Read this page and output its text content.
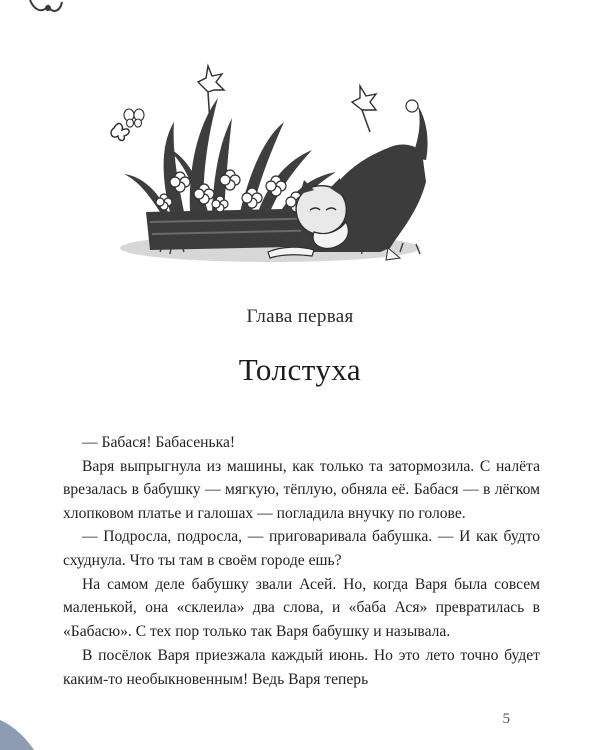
Глава первая
Толстуха

— Бабася! Бабасенька!

Варя выпрыгнула из машины, как только та затормозила. С налёта врезалась в бабушку — мягкую, тёплую, обняла её. Бабася — в лёгком хлопковом платье и галошах — погладила внучку по голове.

— Подросла, подросла, — приговаривала бабушка. — И как будто схуднула. Что ты там в своём городе ешь?

На самом деле бабушку звали Асей. Но, когда Варя была совсем маленькой, она «склеила» два слова, и «баба Ася» превратилась в «Бабасю». С тех пор только так Варя бабушку и называла.

В посёлок Варя приезжала каждый июнь. Но это лето точно будет каким-то необыкновенным! Ведь Варя теперь

5
